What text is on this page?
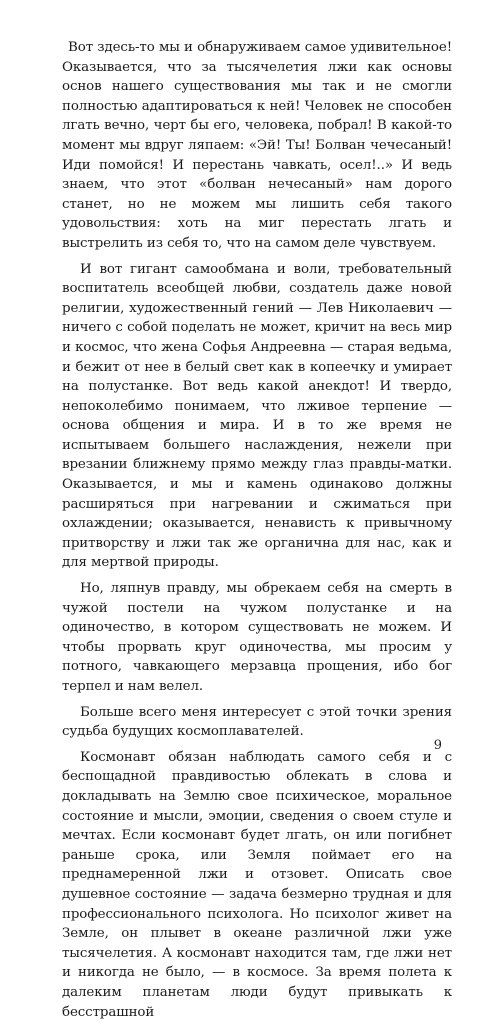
Вот здесь-то мы и обнаруживаем самое удивительное! Оказывается, что за тысячелетия лжи как основы основ нашего существования мы так и не смогли полностью адаптироваться к ней! Человек не способен лгать вечно, черт бы его, человека, побрал! В какой-то момент мы вдруг ляпаем: «Эй! Ты! Болван чечесаный! Иди помойся! И перестань чавкать, осел!..» И ведь знаем, что этот «болван нечесаный» нам дорого станет, но не можем мы лишить себя такого удовольствия: хоть на миг перестать лгать и выстрелить из себя то, что на самом деле чувствуем.

И вот гигант самообмана и воли, требовательный воспитатель всеобщей любви, создатель даже новой религии, художественный гений — Лев Николаевич — ничего с собой поделать не может, кричит на весь мир и космос, что жена Софья Андреевна — старая ведьма, и бежит от нее в белый свет как в копеечку и умирает на полустанке. Вот ведь какой анекдот! И твердо, непоколебимо понимаем, что лживое терпение — основа общения и мира. И в то же время не испытываем большего наслаждения, нежели при врезании ближнему прямо между глаз правды-матки. Оказывается, и мы и камень одинаково должны расширяться при нагревании и сжиматься при охлаждении; оказывается, ненависть к привычному притворству и лжи так же органична для нас, как и для мертвой природы.

Но, ляпнув правду, мы обрекаем себя на смерть в чужой постели на чужом полустанке и на одиночество, в котором существовать не можем. И чтобы прорвать круг одиночества, мы просим у потного, чавкающего мерзавца прощения, ибо бог терпел и нам велел.

Больше всего меня интересует с этой точки зрения судьба будущих космоплавателей.

Космонавт обязан наблюдать самого себя и с беспощадной правдивостью облекать в слова и докладывать на Землю свое психическое, моральное состояние и мысли, эмоции, сведения о своем стуле и мечтах. Если космонавт будет лгать, он или погибнет раньше срока, или Земля поймает его на преднамеренной лжи и отзовет. Описать свое душевное состояние — задача безмерно трудная и для профессионального психолога. Но психолог живет на Земле, он плывет в океане различной лжи уже тысячелетия. А космонавт находится там, где лжи нет и никогда не было, — в космосе. За время полета к далеким планетам люди будут привыкать к бесстрашной

9
